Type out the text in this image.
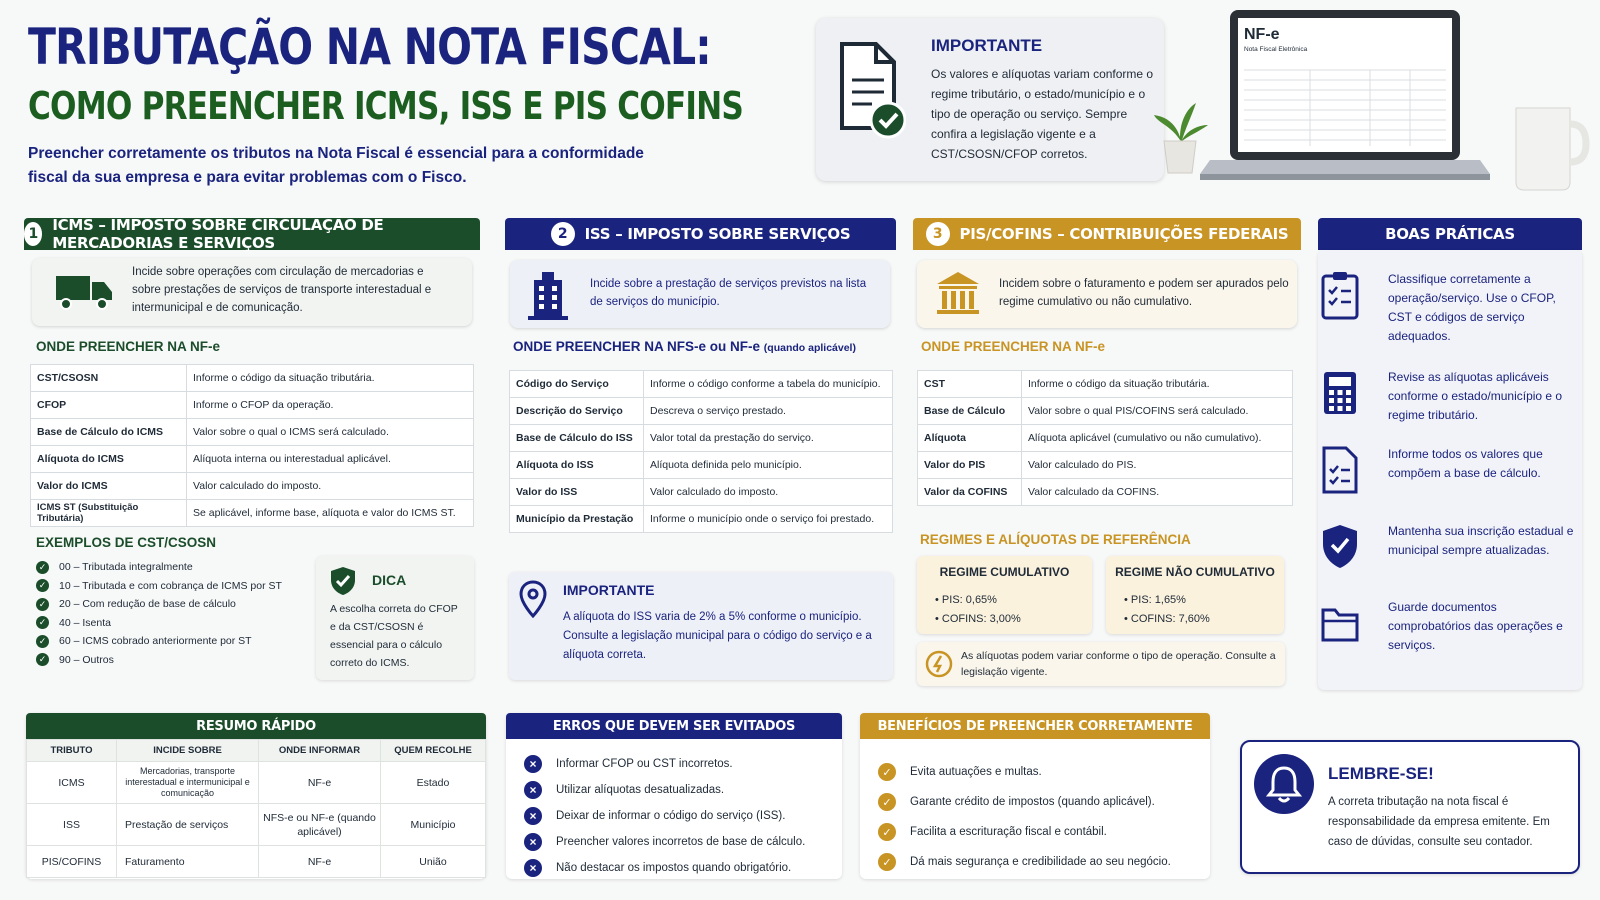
TRIBUTAÇÃO NA NOTA FISCAL:
COMO PREENCHER ICMS, ISS E PIS COFINS

Preencher corretamente os tributos na Nota Fiscal é essencial para a conformidade fiscal da sua empresa e para evitar problemas com o Fisco.

IMPORTANTE

Os valores e alíquotas variam conforme o regime tributário, o estado/município e o tipo de operação ou serviço. Sempre confira a legislação vigente e a CST/CSOSN/CFOP corretos.

NF-e
Nota Fiscal Eletrônica
1 ICMS – IMPOSTO SOBRE CIRCULAÇÃO DE MERCADORIAS E SERVIÇOS

Incide sobre operações com circulação de mercadorias e sobre prestações de serviços de transporte interestadual e intermunicipal e de comunicação.

ONDE PREENCHER NA NF-e
CST/CSOSN	Informe o código da situação tributária.
CFOP	Informe o CFOP da operação.
Base de Cálculo do ICMS	Valor sobre o qual o ICMS será calculado.
Alíquota do ICMS	Alíquota interna ou interestadual aplicável.
Valor do ICMS	Valor calculado do imposto.
ICMS ST (Substituição Tributária)	Se aplicável, informe base, alíquota e valor do ICMS ST.
EXEMPLOS DE CST/CSOSN
✓ 00 – Tributada integralmente
✓ 10 – Tributada e com cobrança de ICMS por ST
✓ 20 – Com redução de base de cálculo
✓ 40 – Isenta
✓ 60 – ICMS cobrado anteriormente por ST
✓ 90 – Outros
DICA

A escolha correta do CFOP e da CST/CSOSN é essencial para o cálculo correto do ICMS.

2	ISS – IMPOSTO SOBRE SERVIÇOS

Incide sobre a prestação de serviços previstos na lista de serviços do município.

ONDE PREENCHER NA NFS-e ou NF-e (quando aplicável)
Código do Serviço	Informe o código conforme a tabela do município.
Descrição do Serviço	Descreva o serviço prestado.
Base de Cálculo do ISS	Valor total da prestação do serviço.
Alíquota do ISS	Alíquota definida pelo município.
Valor do ISS	Valor calculado do imposto.
Município da Prestação	Informe o município onde o serviço foi prestado.
IMPORTANTE

A alíquota do ISS varia de 2% a 5% conforme o município. Consulte a legislação municipal para o código do serviço e a alíquota correta.

3	PIS/COFINS – CONTRIBUIÇÕES FEDERAIS

Incidem sobre o faturamento e podem ser apurados pelo regime cumulativo ou não cumulativo.

ONDE PREENCHER NA NF-e
CST	Informe o código da situação tributária.
Base de Cálculo	Valor sobre o qual PIS/COFINS será calculado.
Alíquota	Alíquota aplicável (cumulativo ou não cumulativo).
Valor do PIS	Valor calculado do PIS.
Valor da COFINS	Valor calculado da COFINS.
REGIMES E ALÍQUOTAS DE REFERÊNCIA
REGIME CUMULATIVO
• PIS: 0,65%
• COFINS: 3,00%
REGIME NÃO CUMULATIVO
• PIS: 1,65%
• COFINS: 7,60%

As alíquotas podem variar conforme o tipo de operação. Consulte a legislação vigente.

BOAS PRÁTICAS

Classifique corretamente a operação/serviço. Use o CFOP, CST e códigos de serviço adequados.

Revise as alíquotas aplicáveis conforme o estado/município e o regime tributário.

Informe todos os valores que compõem a base de cálculo.

Mantenha sua inscrição estadual e municipal sempre atualizadas.

Guarde documentos comprobatórios das operações e serviços.

RESUMO RÁPIDO
TRIBUTO	INCIDE SOBRE	ONDE INFORMAR	QUEM RECOLHE
ICMS	Mercadorias, transporte interestadual e intermunicipal e comunicação	NF-e	Estado
ISS	Prestação de serviços	NFS-e ou NF-e (quando aplicável)	Município
PIS/COFINS	Faturamento	NF-e	União
ERROS QUE DEVEM SER EVITADOS
×	Informar CFOP ou CST incorretos.
×	Utilizar alíquotas desatualizadas.
×	Deixar de informar o código do serviço (ISS).
×	Preencher valores incorretos de base de cálculo.
×	Não destacar os impostos quando obrigatório.
BENEFÍCIOS DE PREENCHER CORRETAMENTE
✓	Evita autuações e multas.
✓	Garante crédito de impostos (quando aplicável).
✓	Facilita a escrituração fiscal e contábil.
✓	Dá mais segurança e credibilidade ao seu negócio.
LEMBRE-SE!

A correta tributação na nota fiscal é responsabilidade da empresa emitente. Em caso de dúvidas, consulte seu contador.
